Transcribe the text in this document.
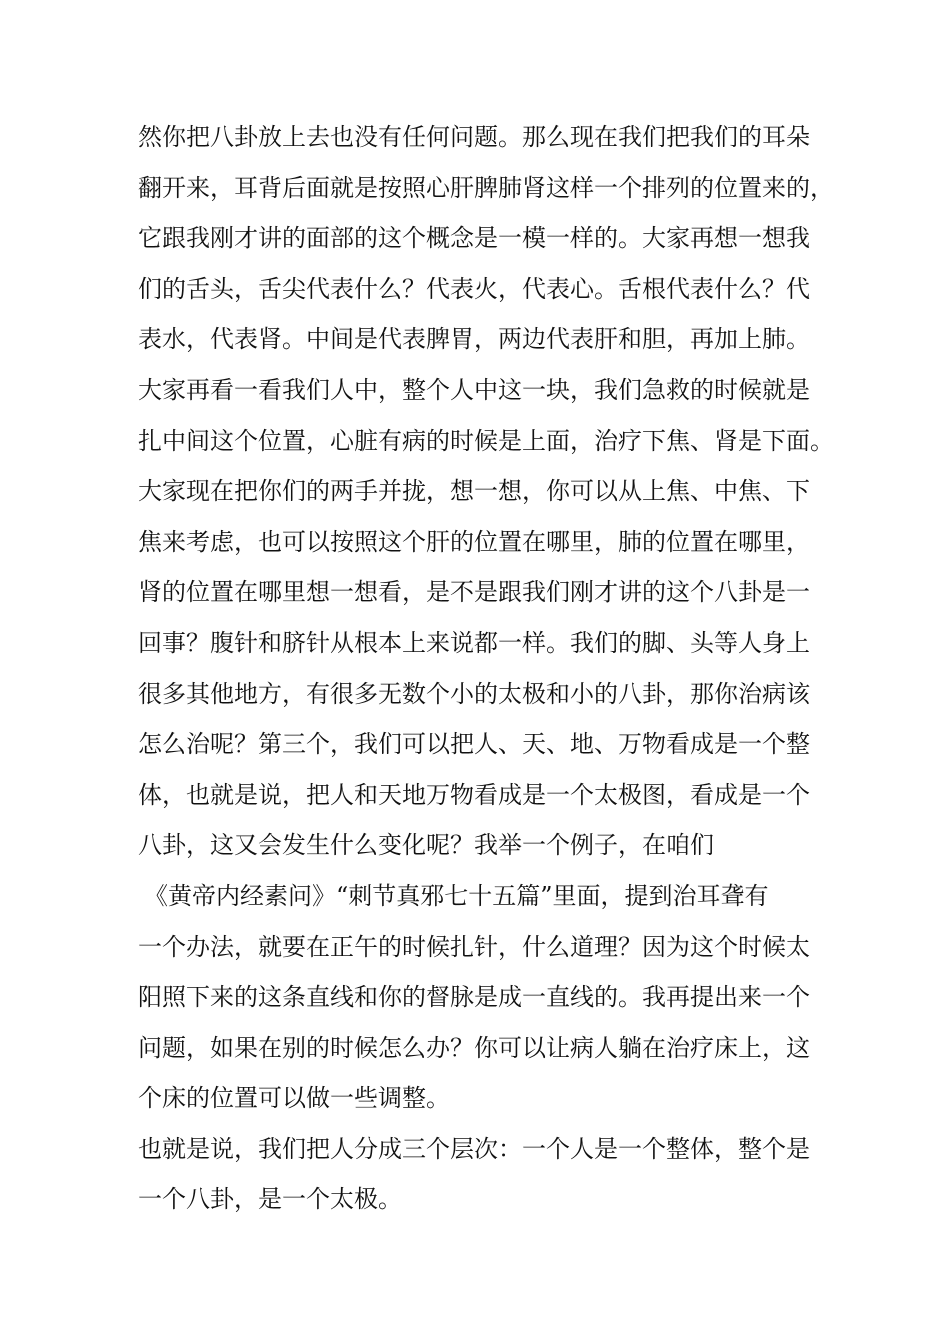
然你把八卦放上去也没有任何问题。那么现在我们把我们的耳朵
翻开来，耳背后面就是按照心肝脾肺肾这样一个排列的位置来的，
它跟我刚才讲的面部的这个概念是一模一样的。大家再想一想我
们的舌头，舌尖代表什么？代表火，代表心。舌根代表什么？代
表水，代表肾。中间是代表脾胃，两边代表肝和胆，再加上肺。
大家再看一看我们人中，整个人中这一块，我们急救的时候就是
扎中间这个位置，心脏有病的时候是上面，治疗下焦、肾是下面。
大家现在把你们的两手并拢，想一想，你可以从上焦、中焦、下
焦来考虑，也可以按照这个肝的位置在哪里，肺的位置在哪里，
肾的位置在哪里想一想看，是不是跟我们刚才讲的这个八卦是一
回事？腹针和脐针从根本上来说都一样。我们的脚、头等人身上
很多其他地方，有很多无数个小的太极和小的八卦，那你治病该
怎么治呢？第三个，我们可以把人、天、地、万物看成是一个整
体，也就是说，把人和天地万物看成是一个太极图，看成是一个
八卦，这又会发生什么变化呢？我举一个例子，在咱们
《黄帝内经素问》“刺节真邪七十五篇”里面，提到治耳聋有
一个办法，就要在正午的时候扎针，什么道理？因为这个时候太
阳照下来的这条直线和你的督脉是成一直线的。我再提出来一个
问题，如果在别的时候怎么办？你可以让病人躺在治疗床上，这
个床的位置可以做一些调整。
也就是说，我们把人分成三个层次：一个人是一个整体，整个是
一个八卦，是一个太极。
